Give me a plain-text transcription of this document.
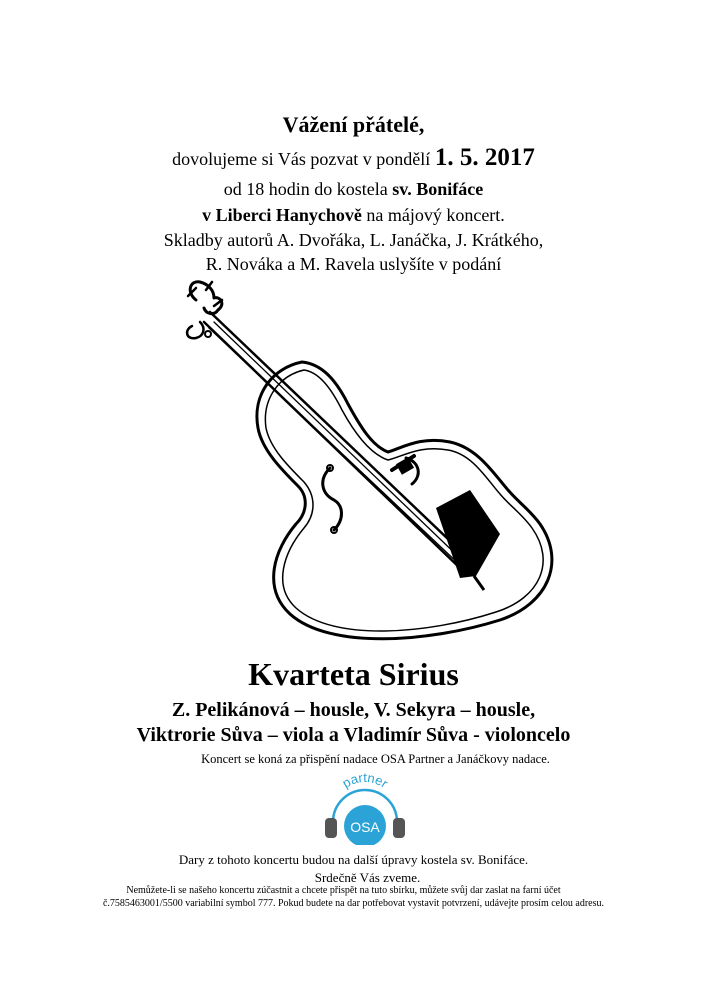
Vážení přátelé,
dovolujeme si Vás pozvat v pondělí 1. 5. 2017
od 18 hodin do kostela sv. Bonifáce
v Liberci Hanychově na májový koncert.
Skladby autorů A. Dvořáka, L. Janáčka, J. Krátkého,
R. Nováka a M. Ravela uslyšíte v podání
Kvarteta Sirius
Z. Pelikánová – housle, V. Sekyra – housle,
Viktrorie Sůva – viola a Vladimír Sůva - violoncelo
Koncert se koná za přispění nadace OSA Partner a Janáčkovy nadace.
partner
OSA
Dary z tohoto koncertu budou na další úpravy kostela sv. Bonifáce.
Srdečně Vás zveme.
Nemůžete-li se našeho koncertu zúčastnit a chcete přispět na tuto sbírku, můžete svůj dar zaslat na farní účet
č.7585463001/5500 variabilní symbol 777. Pokud budete na dar potřebovat vystavit potvrzení, udávejte prosím celou adresu.
